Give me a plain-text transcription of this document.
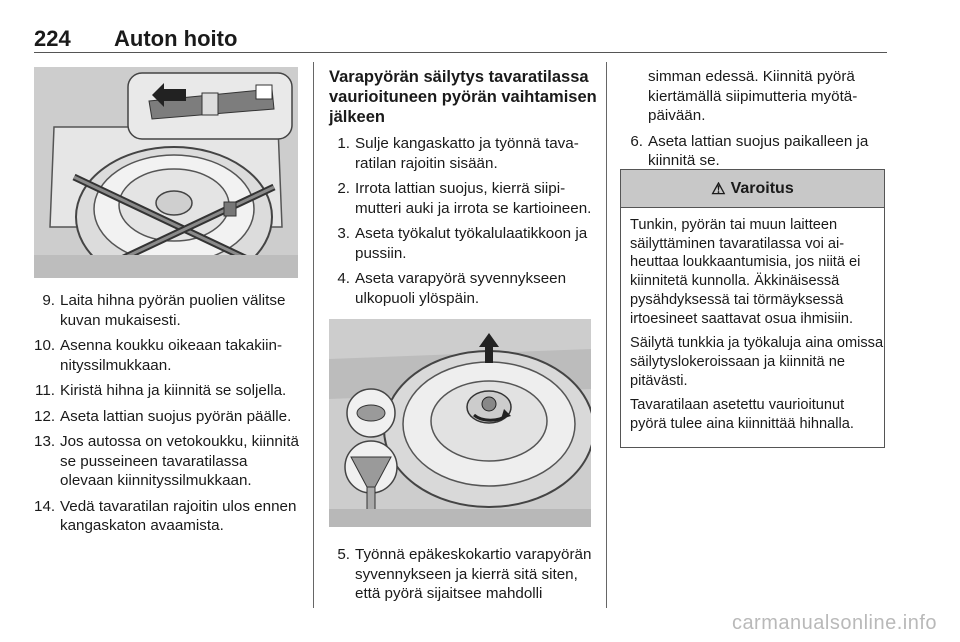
224 Auton hoito
9. Laita hihna pyörän puolien välitse kuvan mukaisesti.
10. Asenna koukku oikeaan takakiinnityssilmukkaan.
11. Kiristä hihna ja kiinnitä se soljella.
12. Aseta lattian suojus pyörän päälle.
13. Jos autossa on vetokoukku, kiinnitä se pusseineen tavaratilassa olevaan kiinnityssilmukkaan.
14. Vedä tavaratilan rajoitin ulos ennen kangaskaton avaamista.
Varapyörän säilytys tavaratilassa vaurioituneen pyörän vaihtamisen jälkeen
1. Sulje kangaskatto ja työnnä tavaratilan rajoitin sisään.
2. Irrota lattian suojus, kierrä siipimutteri auki ja irrota se kartioineen.
3. Aseta työkalut työkalulaatikkoon ja pussiin.
4. Aseta varapyörä syvennykseen ulkopuoli ylöspäin.
5. Työnnä epäkeskokartio varapyörän syvennykseen ja kierrä sitä siten, että pyörä sijaitsee mahdolli
simman edessä. Kiinnitä pyörä kiertämällä siipimutteria myötäpäivään.
6. Aseta lattian suojus paikalleen ja kiinnitä se.
⚠ Varoitus

Tunkin, pyörän tai muun laitteen säilyttäminen tavaratilassa voi aiheuttaa loukkaantumisia, jos niitä ei kiinnitetä kunnolla. Äkkinäisessä pysähdyksessä tai törmäyksessä irtoesineet saattavat osua ihmisiin.

Säilytä tunkkia ja työkaluja aina omissa säilytyslokeroissaan ja kiinnitä ne pitävästi.

Tavaratilaan asetettu vaurioitunut pyörä tulee aina kiinnittää hihnalla.

carmanualsonline.info
